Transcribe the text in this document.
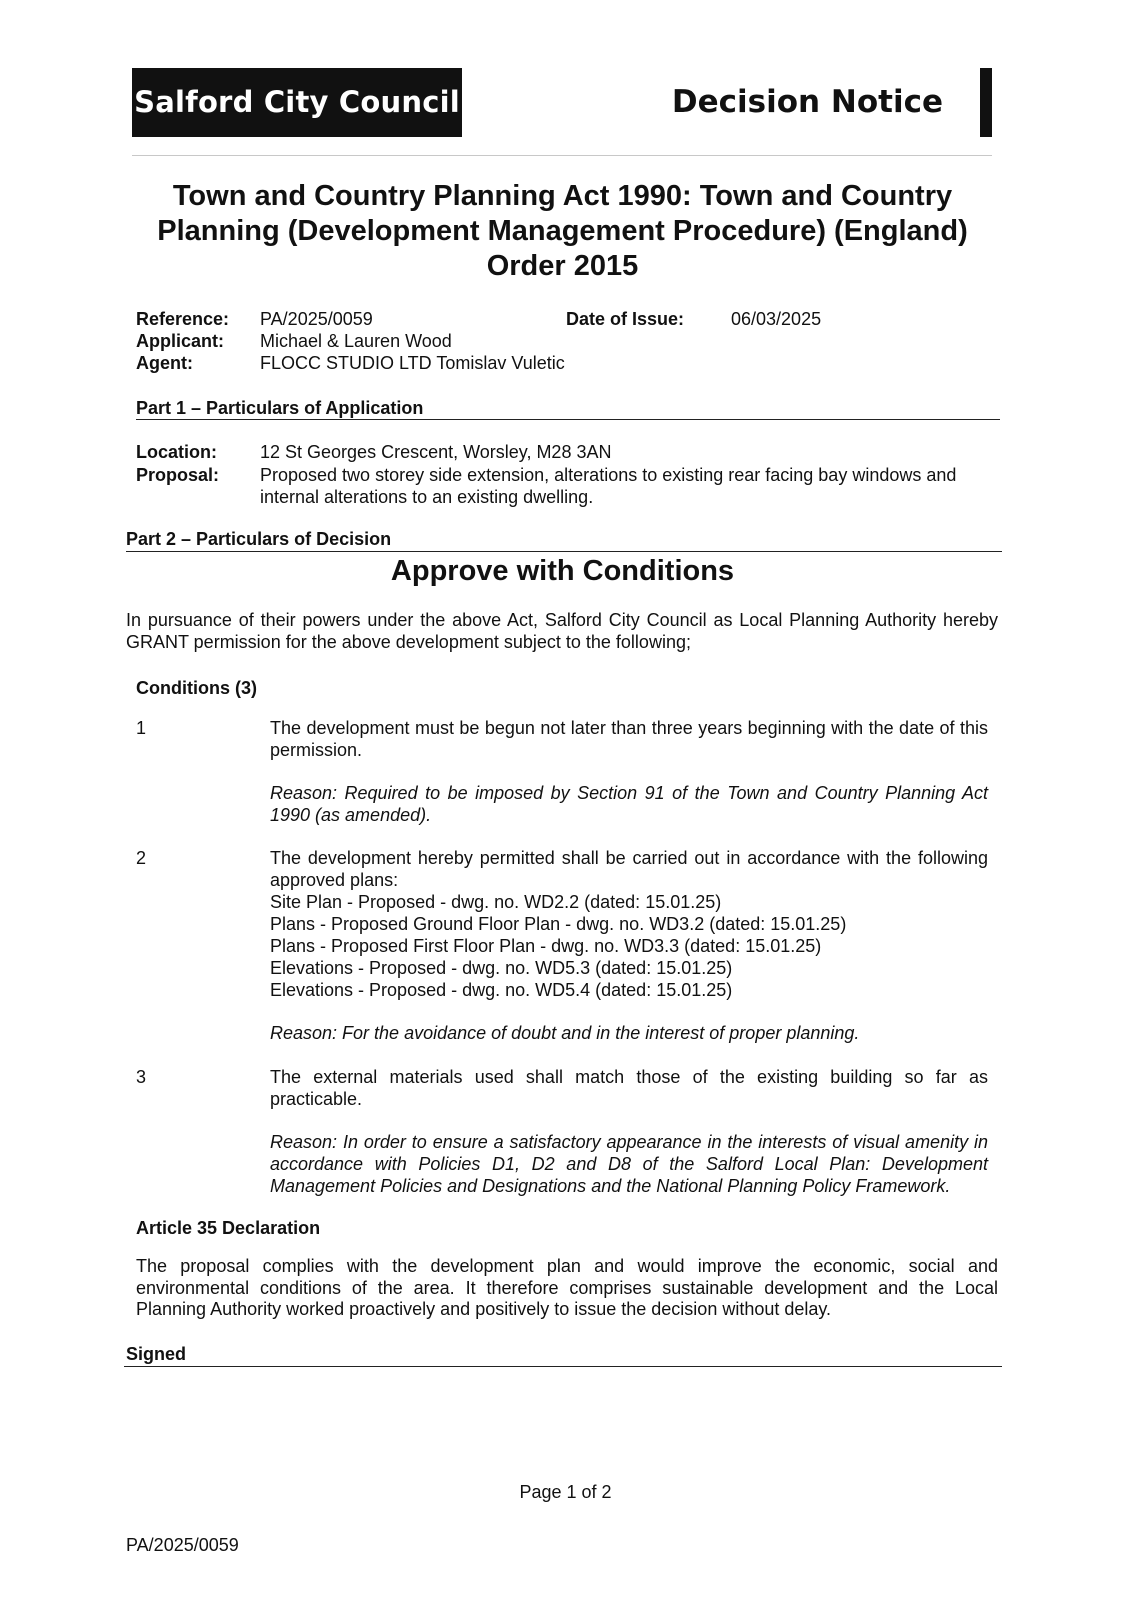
Salford City Council	Decision Notice
Town and Country Planning Act 1990: Town and Country Planning (Development Management Procedure) (England) Order 2015
Reference: PA/2025/0059	Date of Issue:	06/03/2025
Applicant: Michael & Lauren Wood
Agent:	FLOCC STUDIO LTD Tomislav Vuletic
Part 1 – Particulars of Application
Location: 12 St Georges Crescent, Worsley, M28 3AN
Proposal: Proposed two storey side extension, alterations to existing rear facing bay windows and internal alterations to an existing dwelling.
Part 2 – Particulars of Decision
Approve with Conditions
In pursuance of their powers under the above Act, Salford City Council as Local Planning Authority hereby GRANT permission for the above development subject to the following;
Conditions (3)
1	The development must be begun not later than three years beginning with the date of this permission.
Reason: Required to be imposed by Section 91 of the Town and Country Planning Act 1990 (as amended).
2	The development hereby permitted shall be carried out in accordance with the following approved plans:
Site Plan - Proposed - dwg. no. WD2.2 (dated: 15.01.25)
Plans - Proposed Ground Floor Plan - dwg. no. WD3.2 (dated: 15.01.25)
Plans - Proposed First Floor Plan - dwg. no. WD3.3 (dated: 15.01.25)
Elevations - Proposed - dwg. no. WD5.3 (dated: 15.01.25)
Elevations - Proposed - dwg. no. WD5.4 (dated: 15.01.25)
Reason: For the avoidance of doubt and in the interest of proper planning.
3	The external materials used shall match those of the existing building so far as practicable.
Reason: In order to ensure a satisfactory appearance in the interests of visual amenity in accordance with Policies D1, D2 and D8 of the Salford Local Plan: Development Management Policies and Designations and the National Planning Policy Framework.
Article 35 Declaration
The proposal complies with the development plan and would improve the economic, social and environmental conditions of the area. It therefore comprises sustainable development and the Local Planning Authority worked proactively and positively to issue the decision without delay.
Signed
Page 1 of 2
PA/2025/0059
